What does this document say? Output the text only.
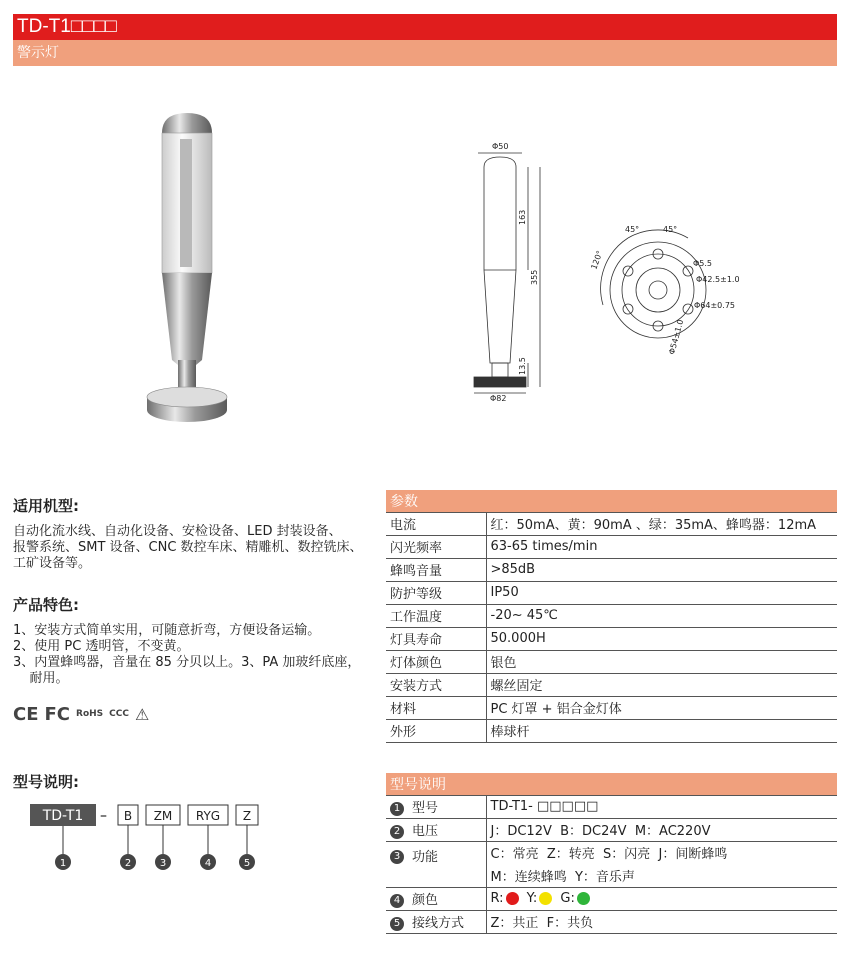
TD-T1□□□□
警示灯
Φ50
163
355
13.5
Φ82
45°	45°
120°	Φ5.5
Φ42.5±1.0
Φ64±0.75
Φ54±1.0
适用机型:
自动化流水线、自动化设备、安检设备、LED 封装设备、
报警系统、SMT 设备、CNC 数控车床、精雕机、数控铣床、
工矿设备等。
产品特色:
1、安装方式简单实用，可随意折弯，方便设备运输。
2、使用 PC 透明管，不变黄。
3、内置蜂鸣器，音量在 85 分贝以上。3、PA 加玻纤底座，
耐用。
CE FC RoHS CCC ⚠
型号说明:
TD-T1 – B ZM RYG Z
1	2	3	4	5
参数	
电流	红：50mA、黄：90mA 、绿：35mA、蜂鸣器：12mA
闪光频率	63-65 times/min
蜂鸣音量	>85dB
防护等级	IP50
工作温度	-20~ 45℃
灯具寿命	50.000H
灯体颜色	银色
安装方式	螺丝固定
材料	PC 灯罩 + 铝合金灯体
外形	棒球杆
型号说明	
1 型号	TD-T1- □□□□□
2 电压	J：DC12V  B：DC24V  M：AC220V
3 功能	C：常亮  Z：转亮  S：闪亮  J：间断蜂鸣
	M：连续蜂鸣  Y：音乐声
4 颜色	R: Y: G:
5 接线方式	Z：共正  F：共负
